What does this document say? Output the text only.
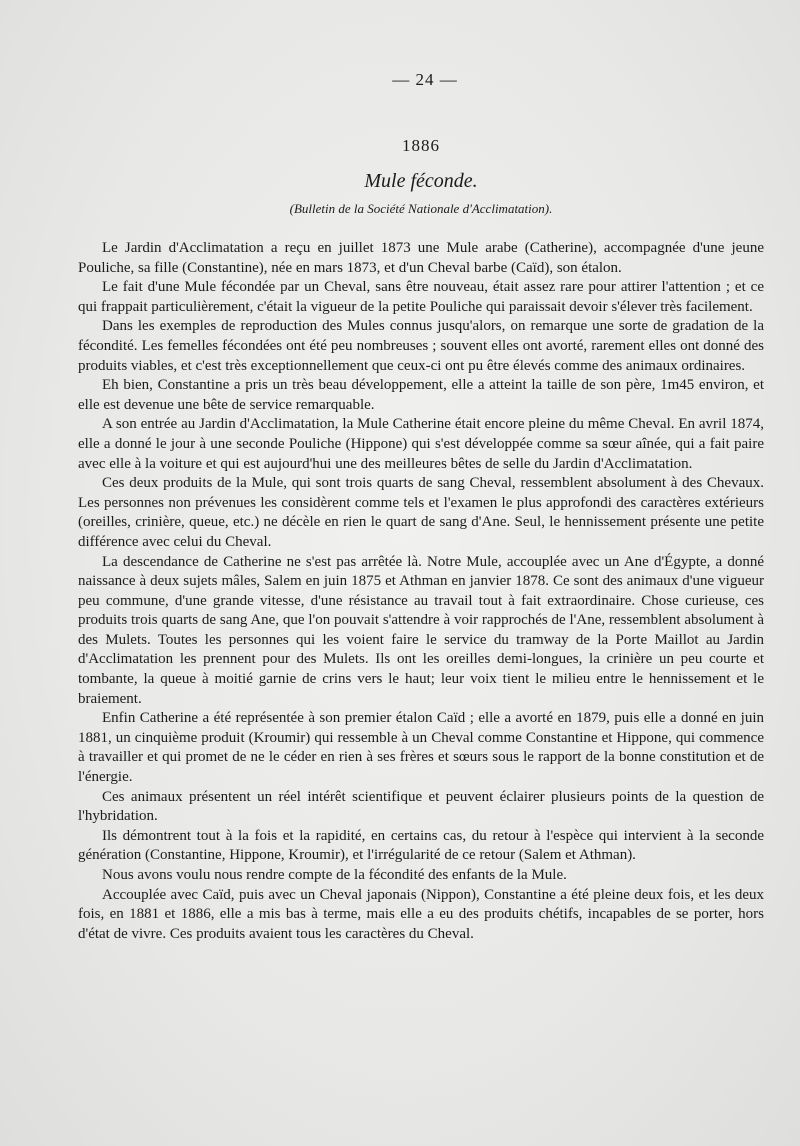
— 24 —
1886
Mule féconde.
(Bulletin de la Société Nationale d'Acclimatation).

Le Jardin d'Acclimatation a reçu en juillet 1873 une Mule arabe (Catherine), accompagnée d'une jeune Pouliche, sa fille (Constantine), née en mars 1873, et d'un Cheval barbe (Caïd), son étalon.

Le fait d'une Mule fécondée par un Cheval, sans être nouveau, était assez rare pour attirer l'attention ; et ce qui frappait particulièrement, c'était la vigueur de la petite Pouliche qui paraissait devoir s'élever très facilement.

Dans les exemples de reproduction des Mules connus jusqu'alors, on remarque une sorte de gradation de la fécondité. Les femelles fécondées ont été peu nombreuses ; souvent elles ont avorté, rarement elles ont donné des produits viables, et c'est très exceptionnellement que ceux-ci ont pu être élevés comme des animaux ordinaires.

Eh bien, Constantine a pris un très beau développement, elle a atteint la taille de son père, 1m45 environ, et elle est devenue une bête de service remarquable.

A son entrée au Jardin d'Acclimatation, la Mule Catherine était encore pleine du même Cheval. En avril 1874, elle a donné le jour à une seconde Pouliche (Hippone) qui s'est développée comme sa sœur aînée, qui a fait paire avec elle à la voiture et qui est aujourd'hui une des meilleures bêtes de selle du Jardin d'Acclimatation.

Ces deux produits de la Mule, qui sont trois quarts de sang Cheval, ressemblent absolument à des Chevaux. Les personnes non prévenues les considèrent comme tels et l'examen le plus approfondi des caractères extérieurs (oreilles, crinière, queue, etc.) ne décèle en rien le quart de sang d'Ane. Seul, le hennissement présente une petite différence avec celui du Cheval.

La descendance de Catherine ne s'est pas arrêtée là. Notre Mule, accouplée avec un Ane d'Égypte, a donné naissance à deux sujets mâles, Salem en juin 1875 et Athman en janvier 1878. Ce sont des animaux d'une vigueur peu commune, d'une grande vitesse, d'une résistance au travail tout à fait extraordinaire. Chose curieuse, ces produits trois quarts de sang Ane, que l'on pouvait s'attendre à voir rapprochés de l'Ane, ressemblent absolument à des Mulets. Toutes les personnes qui les voient faire le service du tramway de la Porte Maillot au Jardin d'Acclimatation les prennent pour des Mulets. Ils ont les oreilles demi-longues, la crinière un peu courte et tombante, la queue à moitié garnie de crins vers le haut; leur voix tient le milieu entre le hennissement et le braiement.

Enfin Catherine a été représentée à son premier étalon Caïd ; elle a avorté en 1879, puis elle a donné en juin 1881, un cinquième produit (Kroumir) qui ressemble à un Cheval comme Constantine et Hippone, qui commence à travailler et qui promet de ne le céder en rien à ses frères et sœurs sous le rapport de la bonne constitution et de l'énergie.

Ces animaux présentent un réel intérêt scientifique et peuvent éclairer plusieurs points de la question de l'hybridation.

Ils démontrent tout à la fois et la rapidité, en certains cas, du retour à l'espèce qui intervient à la seconde génération (Constantine, Hippone, Kroumir), et l'irrégularité de ce retour (Salem et Athman).

Nous avons voulu nous rendre compte de la fécondité des enfants de la Mule.

Accouplée avec Caïd, puis avec un Cheval japonais (Nippon), Constantine a été pleine deux fois, et les deux fois, en 1881 et 1886, elle a mis bas à terme, mais elle a eu des produits chétifs, incapables de se porter, hors d'état de vivre. Ces produits avaient tous les caractères du Cheval.
